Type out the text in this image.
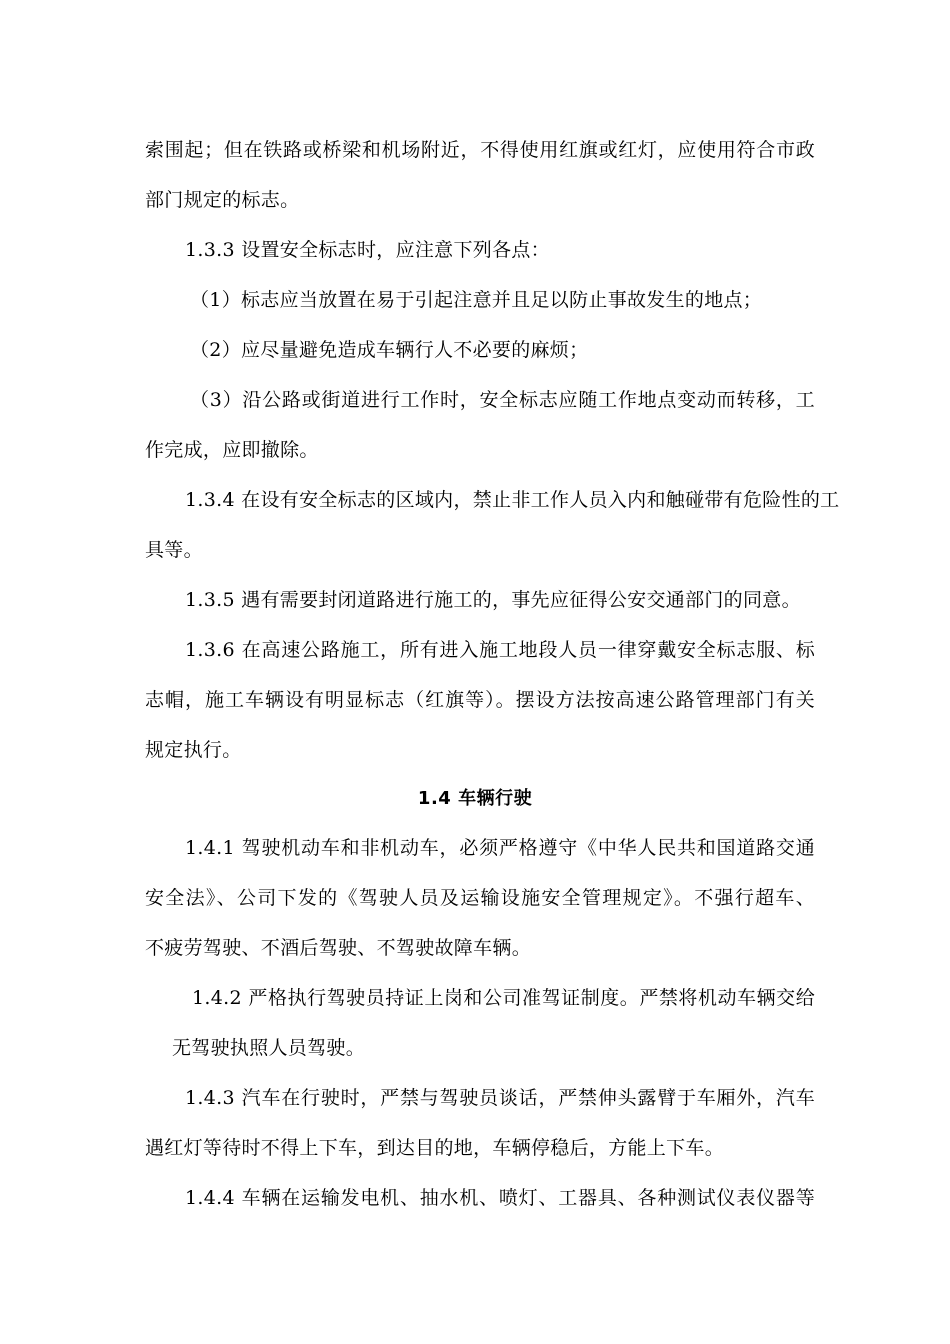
索围起；但在铁路或桥梁和机场附近，不得使用红旗或红灯，应使用符合市政
部门规定的标志。
1.3.3 设置安全标志时，应注意下列各点：
（1）标志应当放置在易于引起注意并且足以防止事故发生的地点；
（2）应尽量避免造成车辆行人不必要的麻烦；
（3）沿公路或街道进行工作时，安全标志应随工作地点变动而转移，工
作完成，应即撤除。
1.3.4 在设有安全标志的区域内，禁止非工作人员入内和触碰带有危险性的工
具等。
1.3.5 遇有需要封闭道路进行施工的，事先应征得公安交通部门的同意。
1.3.6 在高速公路施工，所有进入施工地段人员一律穿戴安全标志服、标
志帽，施工车辆设有明显标志（红旗等）。摆设方法按高速公路管理部门有关
规定执行。
1.4 车辆行驶
1.4.1 驾驶机动车和非机动车，必须严格遵守《中华人民共和国道路交通
安全法》、公司下发的《驾驶人员及运输设施安全管理规定》。不强行超车、
不疲劳驾驶、不酒后驾驶、不驾驶故障车辆。
1.4.2 严格执行驾驶员持证上岗和公司准驾证制度。严禁将机动车辆交给
无驾驶执照人员驾驶。
1.4.3 汽车在行驶时，严禁与驾驶员谈话，严禁伸头露臂于车厢外，汽车
遇红灯等待时不得上下车，到达目的地，车辆停稳后，方能上下车。
1.4.4 车辆在运输发电机、抽水机、喷灯、工器具、各种测试仪表仪器等
